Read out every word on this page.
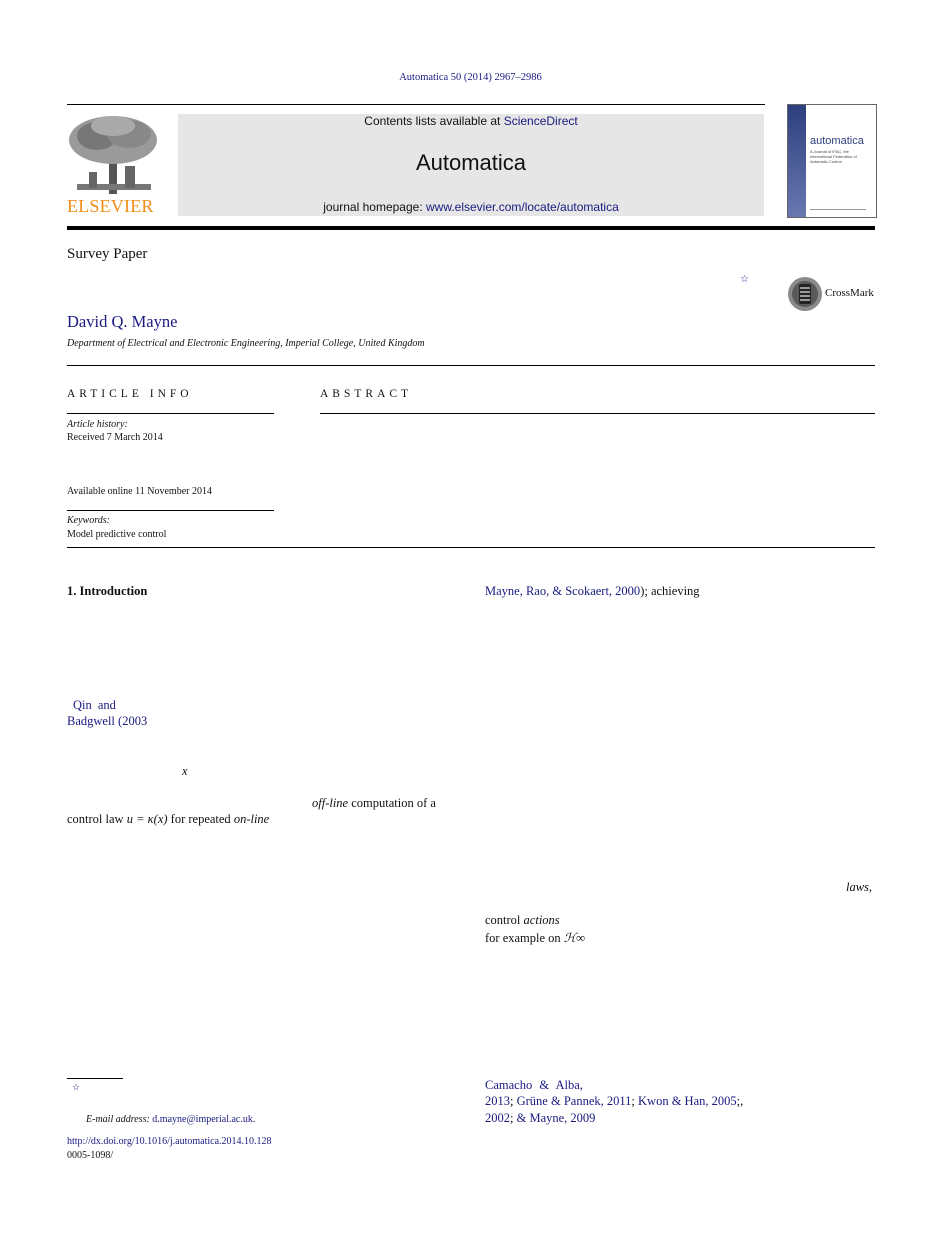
Automatica 50 (2014) 2967–2986
ELSEVIER
Contents lists available at ScienceDirect
Automatica
journal homepage: www.elsevier.com/locate/automatica
automatica
A Journal of IFAC, the International Federation of Automatic Control
Survey Paper
☆
CrossMark
David Q. Mayne
Department of Electrical and Electronic Engineering, Imperial College, United Kingdom
ARTICLE INFO
Article history:
Received 7 March 2014
Available online 11 November 2014
Keywords:
Model predictive control
ABSTRACT
1. Introduction
Qin and
Badgwell (2003
x
off-line computation of a
control law u = κ(x) for repeated on-line
Mayne, Rao, & Scokaert, 2000); achieving
laws,
control actions
for example on ℋ∞
Camacho & Alba,
2013; Grüne & Pannek, 2011; Kwon & Han, 2005;,
2002; & Mayne, 2009
☆
E-mail address: d.mayne@imperial.ac.uk.
http://dx.doi.org/10.1016/j.automatica.2014.10.128
0005-1098/
